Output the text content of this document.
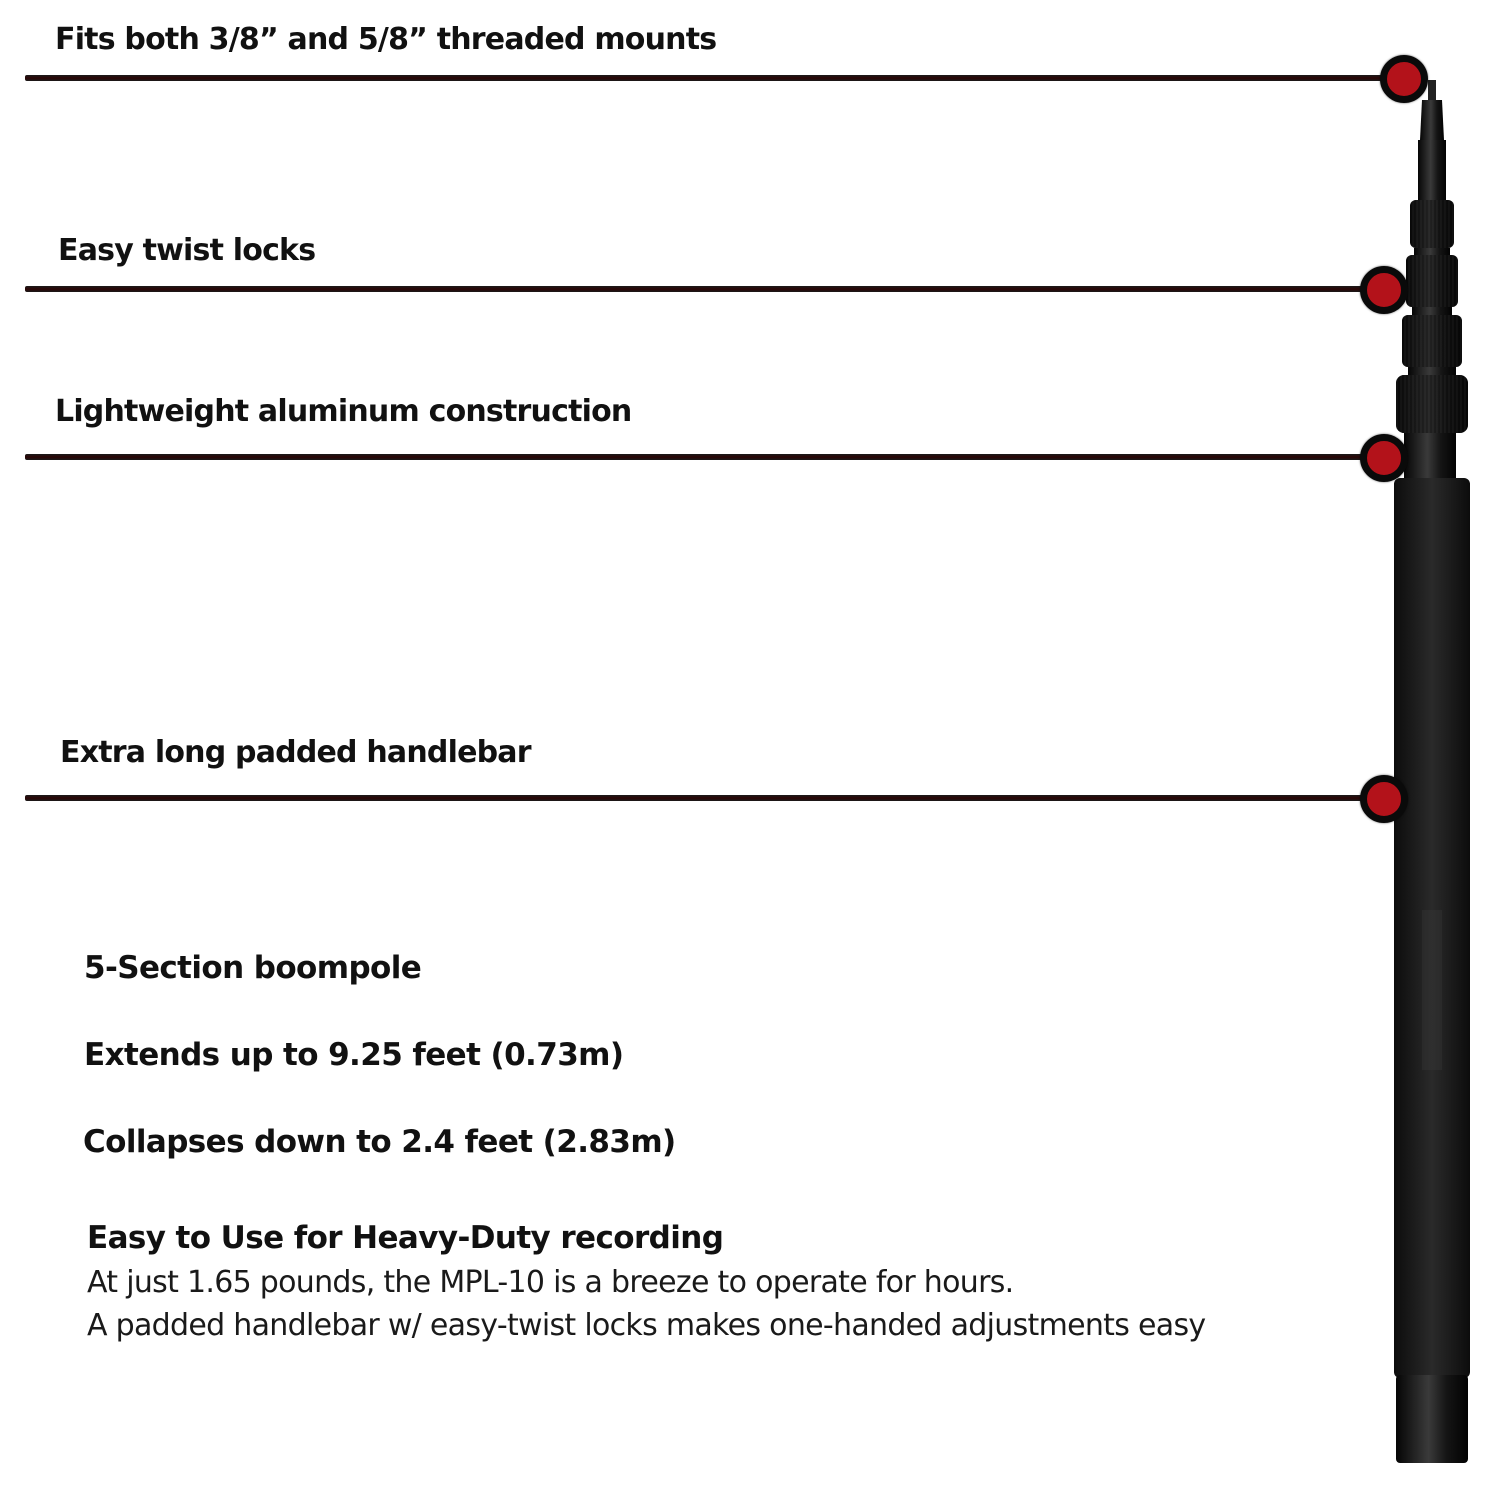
Fits both 3/8” and 5/8” threaded mounts
Easy twist locks
Lightweight aluminum construction
Extra long padded handlebar

5-Section boompole

Extends up to 9.25 feet (0.73m)

Collapses down to 2.4 feet (2.83m)

Easy to Use for Heavy-Duty recording

At just 1.65 pounds, the MPL-10 is a breeze to operate for hours.

A padded handlebar w/ easy-twist locks makes one-handed adjustments easy
